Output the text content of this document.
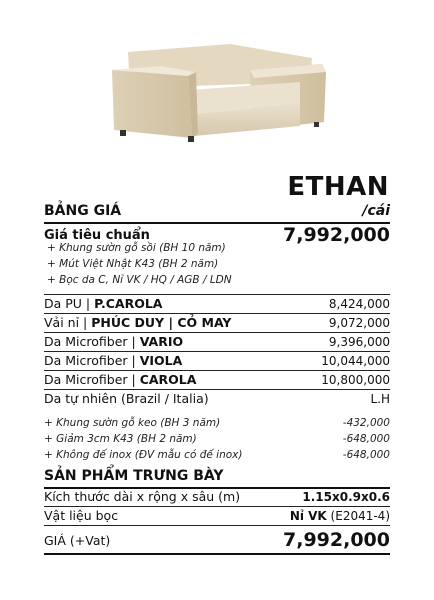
ETHAN
BẢNG GIÁ	/cái
Giá tiêu chuẩn	7,992,000
+ Khung sườn gỗ sồi (BH 10 năm)
+ Mút Việt Nhật K43 (BH 2 năm)
+ Bọc da C, Nỉ VK / HQ / AGB / LDN
Da PU | P.CAROLA	8,424,000
Vải nỉ | PHÚC DUY | CỎ MAY	9,072,000
Da Microfiber | VARIO	9,396,000
Da Microfiber | VIOLA	10,044,000
Da Microfiber | CAROLA	10,800,000
Da tự nhiên (Brazil / Italia)	L.H
+ Khung sườn gỗ keo (BH 3 năm)	-432,000
+ Giảm 3cm K43 (BH 2 năm)	-648,000
+ Không đế inox (ĐV mẫu có đế inox)	-648,000
SẢN PHẨM TRƯNG BÀY
Kích thước dài x rộng x sâu (m)	1.15x0.9x0.6
Vật liệu bọc	Nỉ VK (E2041-4)
GIÁ (+Vat)	7,992,000
